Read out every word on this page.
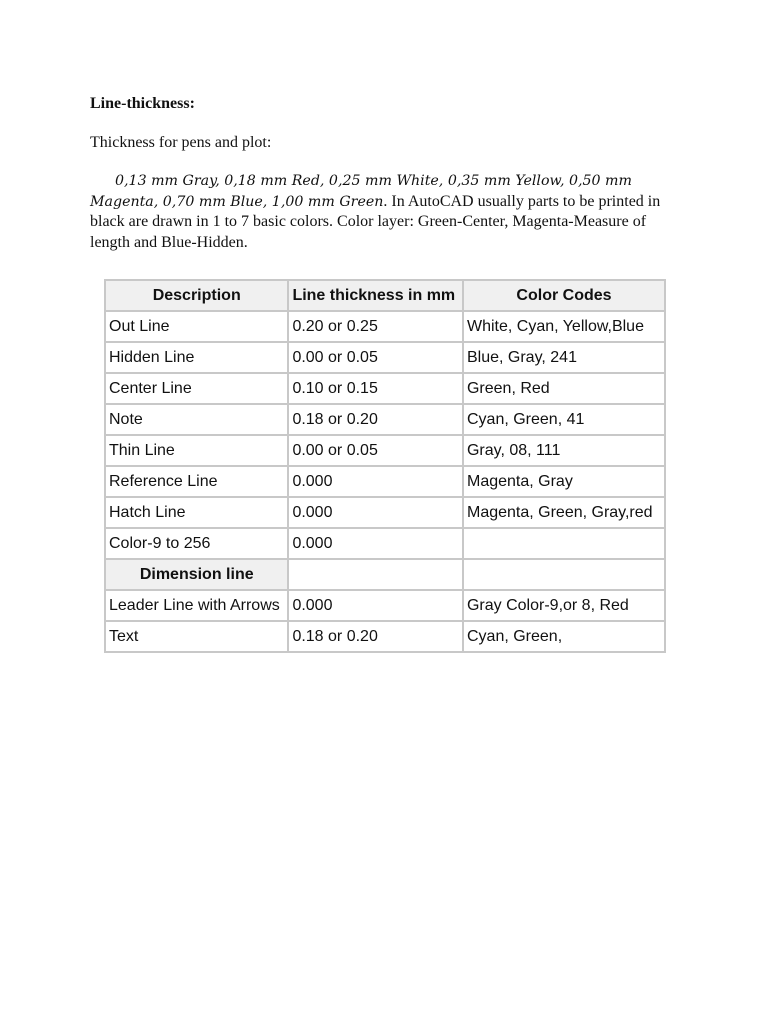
Line-thickness:

Thickness for pens and plot:

0,13 mm Gray, 0,18 mm Red, 0,25 mm White, 0,35 mm Yellow, 0,50 mm Magenta, 0,70 mm Blue, 1,00 mm Green. In AutoCAD usually parts to be printed in black are drawn in 1 to 7 basic colors. Color layer: Green-Center, Magenta-Measure of length and Blue-Hidden.

Description	Line thickness in mm	Color Codes
Out Line	0.20 or 0.25	White, Cyan, Yellow,Blue
Hidden Line	0.00 or 0.05	Blue, Gray, 241
Center Line	0.10 or 0.15	Green, Red
Note	0.18 or 0.20	Cyan, Green, 41
Thin Line	0.00 or 0.05	Gray, 08, 111
Reference Line	0.000	Magenta, Gray
Hatch Line	0.000	Magenta, Green, Gray,red
Color-9 to 256	0.000	
Dimension line		
Leader Line with Arrows	0.000	Gray Color-9,or 8, Red
Text	0.18 or 0.20	Cyan, Green,
